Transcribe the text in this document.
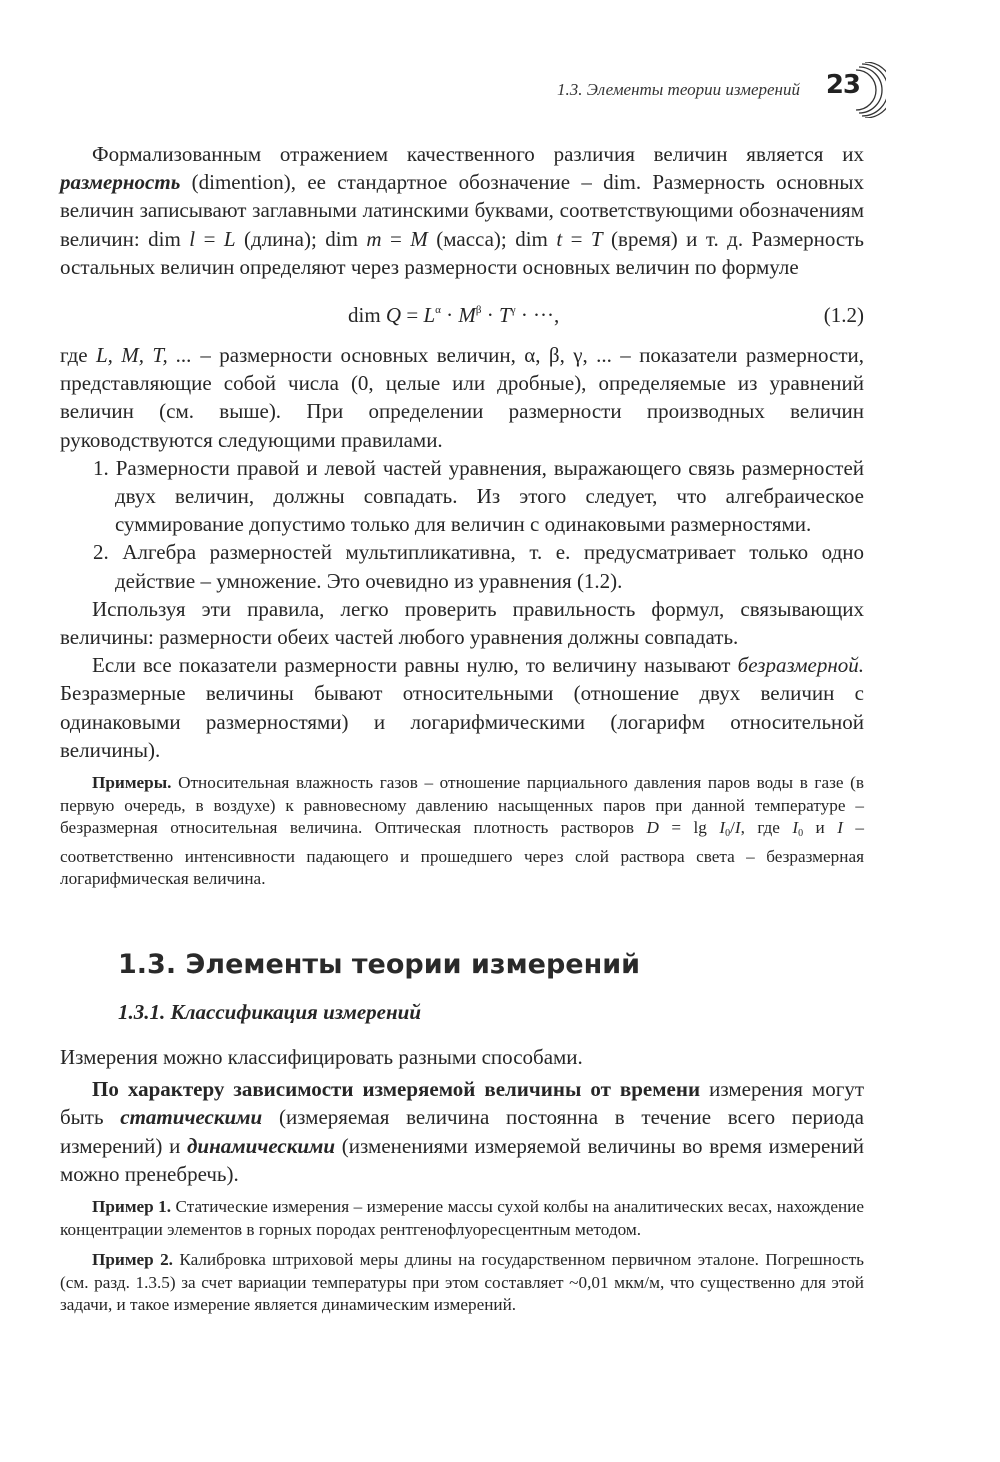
1.3. Элементы теории измерений 23

Формализованным отражением качественного различия величин является их размерность (dimention), ее стандартное обозначение – dim. Размерность основных величин записывают заглавными латинскими буквами, соответствующими обозначениям величин: dim l = L (длина); dim m = M (масса); dim t = T (время) и т. д. Размерность остальных величин определяют через размерности основных величин по формуле

dim $Q = L^\alpha \cdot M^\beta \cdot T^\gamma$ · ···,	(1.2)

где L, M, T, ... – размерности основных величин, α, β, γ, ... – показатели размерности, представляющие собой числа (0, целые или дробные), определяемые из уравнений величин (см. выше). При определении размерности производных величин руководствуются следующими правилами.

1. Размерности правой и левой частей уравнения, выражающего связь размерностей двух величин, должны совпадать. Из этого следует, что алгебраическое суммирование допустимо только для величин с одинаковыми размерностями.

2. Алгебра размерностей мультипликативна, т. е. предусматривает только одно действие – умножение. Это очевидно из уравнения (1.2).

Используя эти правила, легко проверить правильность формул, связывающих величины: размерности обеих частей любого уравнения должны совпадать.

Если все показатели размерности равны нулю, то величину называют безразмерной. Безразмерные величины бывают относительными (отношение двух величин с одинаковыми размерностями) и логарифмическими (логарифм относительной величины).

Примеры. Относительная влажность газов – отношение парциального давления паров воды в газе (в первую очередь, в воздухе) к равновесному давлению насыщенных паров при данной температуре – безразмерная относительная величина. Оптическая плотность растворов $D = \lg I_0/I$, где $I_0$ и I – соответственно интенсивности падающего и прошедшего через слой раствора света – безразмерная логарифмическая величина.

1.3. Элементы теории измерений
1.3.1. Классификация измерений

Измерения можно классифицировать разными способами.

По характеру зависимости измеряемой величины от времени измерения могут быть статическими (измеряемая величина постоянна в течение всего периода измерений) и динамическими (изменениями измеряемой величины во время измерений можно пренебречь).

Пример 1. Статические измерения – измерение массы сухой колбы на аналитических весах, нахождение концентрации элементов в горных породах рентгенофлуоресцентным методом.

Пример 2. Калибровка штриховой меры длины на государственном первичном эталоне. Погрешность (см. разд. 1.3.5) за счет вариации температуры при этом составляет ~0,01 мкм/м, что существенно для этой задачи, и такое измерение является динамическим измерений.
